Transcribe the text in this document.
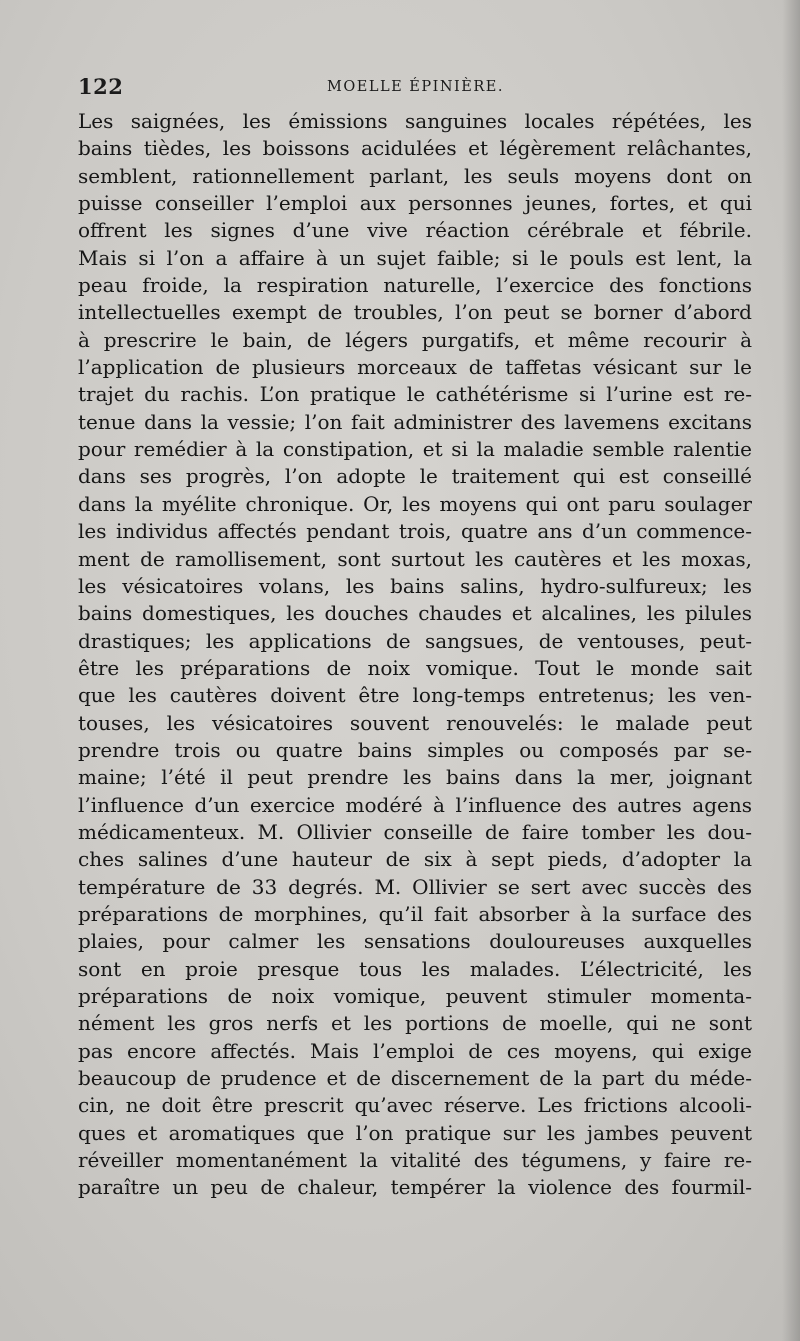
122	MOELLE ÉPINIÈRE.
Les saignées, les émissions sanguines locales répétées, les
bains tièdes, les boissons acidulées et légèrement relâchantes,
semblent, rationnellement parlant, les seuls moyens dont on
puisse conseiller l’emploi aux personnes jeunes, fortes, et qui
offrent les signes d’une vive réaction cérébrale et fébrile.
Mais si l’on a affaire à un sujet faible; si le pouls est lent, la
peau froide, la respiration naturelle, l’exercice des fonctions
intellectuelles exempt de troubles, l’on peut se borner d’abord
à prescrire le bain, de légers purgatifs, et même recourir à
l’application de plusieurs morceaux de taffetas vésicant sur le
trajet du rachis. L’on pratique le cathétérisme si l’urine est re-
tenue dans la vessie; l’on fait administrer des lavemens excitans
pour remédier à la constipation, et si la maladie semble ralentie
dans ses progrès, l’on adopte le traitement qui est conseillé
dans la myélite chronique. Or, les moyens qui ont paru soulager
les individus affectés pendant trois, quatre ans d’un commence-
ment de ramollisement, sont surtout les cautères et les moxas,
les vésicatoires volans, les bains salins, hydro-sulfureux; les
bains domestiques, les douches chaudes et alcalines, les pilules
drastiques; les applications de sangsues, de ventouses, peut-
être les préparations de noix vomique. Tout le monde sait
que les cautères doivent être long-temps entretenus; les ven-
touses, les vésicatoires souvent renouvelés: le malade peut
prendre trois ou quatre bains simples ou composés par se-
maine; l’été il peut prendre les bains dans la mer, joignant
l’influence d’un exercice modéré à l’influence des autres agens
médicamenteux. M. Ollivier conseille de faire tomber les dou-
ches salines d’une hauteur de six à sept pieds, d’adopter la
température de 33 degrés. M. Ollivier se sert avec succès des
préparations de morphines, qu’il fait absorber à la surface des
plaies, pour calmer les sensations douloureuses auxquelles
sont en proie presque tous les malades. L’électricité, les
préparations de noix vomique, peuvent stimuler momenta-
nément les gros nerfs et les portions de moelle, qui ne sont
pas encore affectés. Mais l’emploi de ces moyens, qui exige
beaucoup de prudence et de discernement de la part du méde-
cin, ne doit être prescrit qu’avec réserve. Les frictions alcooli-
ques et aromatiques que l’on pratique sur les jambes peuvent
réveiller momentanément la vitalité des tégumens, y faire re-
paraître un peu de chaleur, tempérer la violence des fourmil-
